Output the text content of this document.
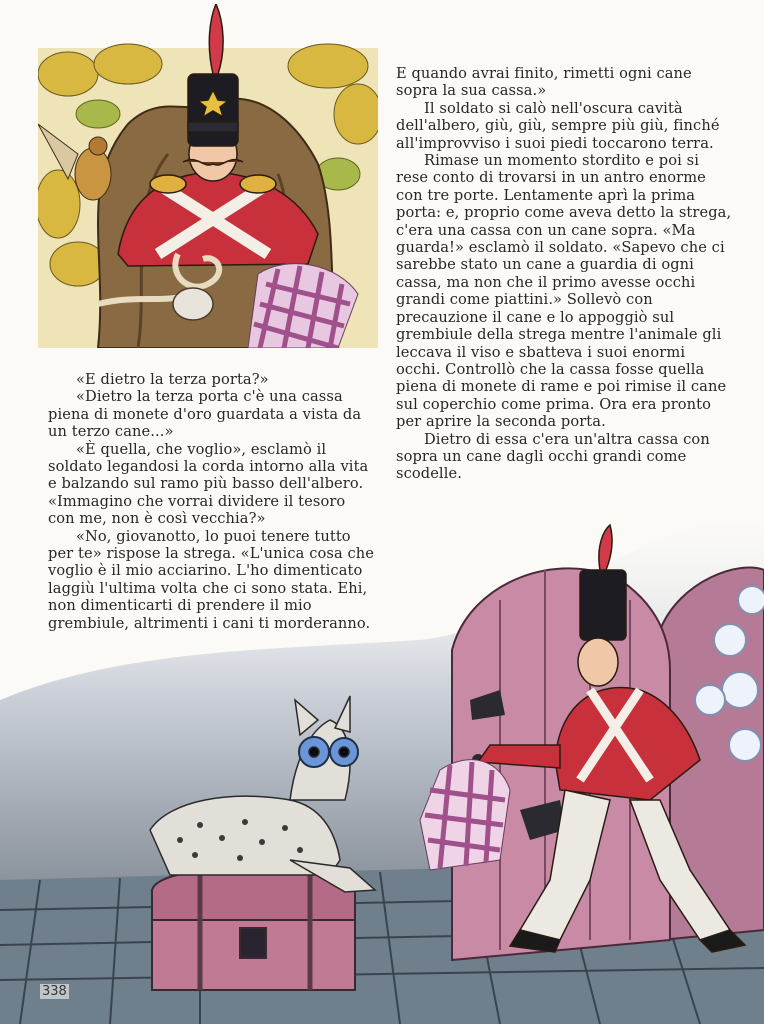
E quando avrai finito, rimetti ogni cane sopra la sua cassa.»

Il soldato si calò nell'oscura cavità dell'albero, giù, giù, sempre più giù, finché all'improvviso i suoi piedi toccarono terra.

Rimase un momento stordito e poi si rese conto di trovarsi in un antro enorme con tre porte. Lentamente aprì la prima porta: e, proprio come aveva detto la strega, c'era una cassa con un cane sopra. «Ma guarda!» esclamò il soldato. «Sapevo che ci sarebbe stato un cane a guardia di ogni cassa, ma non che il primo avesse occhi grandi come piattini.» Sollevò con precauzione il cane e lo appoggiò sul grembiule della strega mentre l'animale gli leccava il viso e sbatteva i suoi enormi occhi. Controllò che la cassa fosse quella piena di monete di rame e poi rimise il cane sul coperchio come prima. Ora era pronto per aprire la seconda porta.

Dietro di essa c'era un'altra cassa con sopra un cane dagli occhi grandi come scodelle.

«E dietro la terza porta?»

«Dietro la terza porta c'è una cassa piena di monete d'oro guardata a vista da un terzo cane...»

«È quella, che voglio», esclamò il soldato legandosi la corda intorno alla vita e balzando sul ramo più basso dell'albero. «Immagino che vorrai dividere il tesoro con me, non è così vecchia?»

«No, giovanotto, lo puoi tenere tutto per te» rispose la strega. «L'unica cosa che voglio è il mio acciarino. L'ho dimenticato laggiù l'ultima volta che ci sono stata. Ehi, non dimenticarti di prendere il mio grembiule, altrimenti i cani ti morderanno.

338
